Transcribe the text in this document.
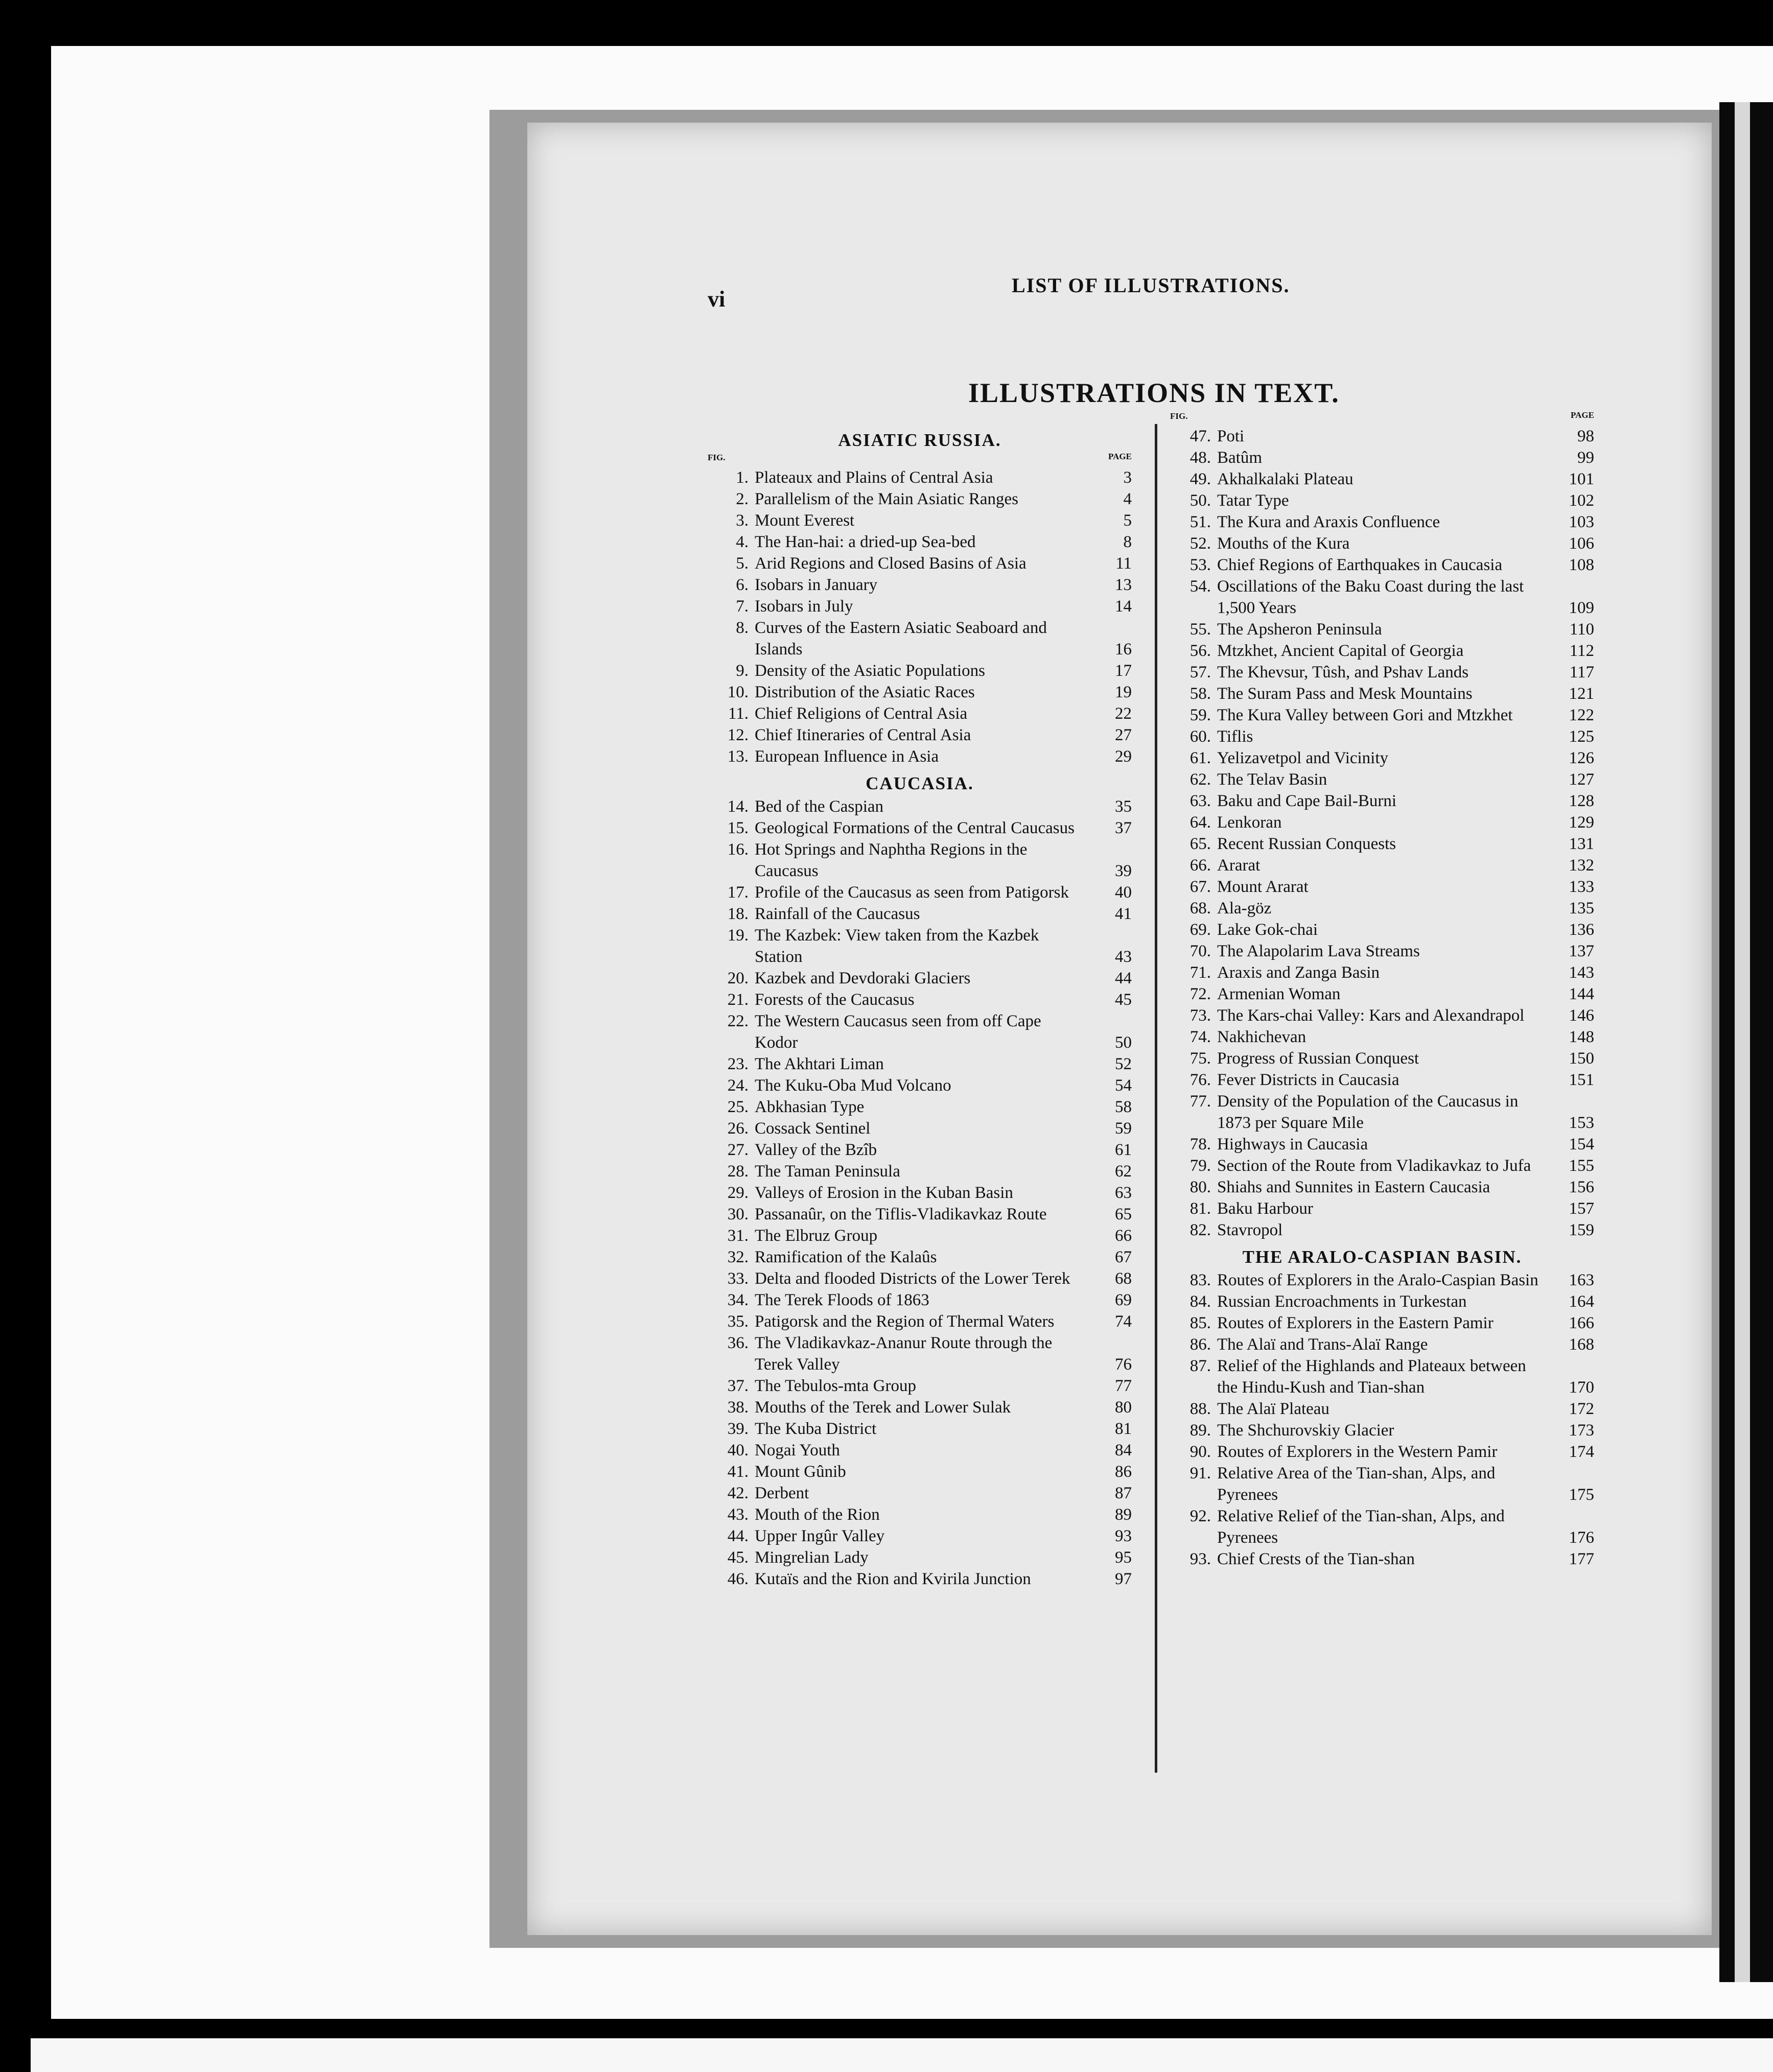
vi
LIST OF ILLUSTRATIONS.
ILLUSTRATIONS IN TEXT.
ASIATIC RUSSIA.
FIG.	PAGE
1. Plateaux and Plains of Central Asia	3
2. Parallelism of the Main Asiatic Ranges	4
3. Mount Everest	5
4. The Han-hai: a dried-up Sea-bed	8
5. Arid Regions and Closed Basins of Asia	11
6. Isobars in January	13
7. Isobars in July	14
8. Curves of the Eastern Asiatic Seaboard and Islands	16
9. Density of the Asiatic Populations	17
10. Distribution of the Asiatic Races	19
11. Chief Religions of Central Asia	22
12. Chief Itineraries of Central Asia	27
13. European Influence in Asia	29
CAUCASIA.
14. Bed of the Caspian	35
15. Geological Formations of the Central Caucasus	37
16. Hot Springs and Naphtha Regions in the Caucasus	39
17. Profile of the Caucasus as seen from Patigorsk	40
18. Rainfall of the Caucasus	41
19. The Kazbek: View taken from the Kazbek Station	43
20. Kazbek and Devdoraki Glaciers	44
21. Forests of the Caucasus	45
22. The Western Caucasus seen from off Cape Kodor	50
23. The Akhtari Liman	52
24. The Kuku-Oba Mud Volcano	54
25. Abkhasian Type	58
26. Cossack Sentinel	59
27. Valley of the Bzîb	61
28. The Taman Peninsula	62
29. Valleys of Erosion in the Kuban Basin	63
30. Passanaûr, on the Tiflis-Vladikavkaz Route	65
31. The Elbruz Group	66
32. Ramification of the Kalaûs	67
33. Delta and flooded Districts of the Lower Terek	68
34. The Terek Floods of 1863	69
35. Patigorsk and the Region of Thermal Waters	74
36. The Vladikavkaz-Ananur Route through the Terek Valley	76
37. The Tebulos-mta Group	77
38. Mouths of the Terek and Lower Sulak	80
39. The Kuba District	81
40. Nogai Youth	84
41. Mount Gûnib	86
42. Derbent	87
43. Mouth of the Rion	89
44. Upper Ingûr Valley	93
45. Mingrelian Lady	95
46. Kutaïs and the Rion and Kvirila Junction	97
FIG.	PAGE
47. Poti	98
48. Batûm	99
49. Akhalkalaki Plateau	101
50. Tatar Type	102
51. The Kura and Araxis Confluence	103
52. Mouths of the Kura	106
53. Chief Regions of Earthquakes in Caucasia	108
54. Oscillations of the Baku Coast during the last 1,500 Years	109
55. The Apsheron Peninsula	110
56. Mtzkhet, Ancient Capital of Georgia	112
57. The Khevsur, Tûsh, and Pshav Lands	117
58. The Suram Pass and Mesk Mountains	121
59. The Kura Valley between Gori and Mtzkhet	122
60. Tiflis	125
61. Yelizavetpol and Vicinity	126
62. The Telav Basin	127
63. Baku and Cape Bail-Burni	128
64. Lenkoran	129
65. Recent Russian Conquests	131
66. Ararat	132
67. Mount Ararat	133
68. Ala-göz	135
69. Lake Gok-chai	136
70. The Alapolarim Lava Streams	137
71. Araxis and Zanga Basin	143
72. Armenian Woman	144
73. The Kars-chai Valley: Kars and Alexandrapol	146
74. Nakhichevan	148
75. Progress of Russian Conquest	150
76. Fever Districts in Caucasia	151
77. Density of the Population of the Caucasus in 1873 per Square Mile	153
78. Highways in Caucasia	154
79. Section of the Route from Vladikavkaz to Jufa	155
80. Shiahs and Sunnites in Eastern Caucasia	156
81. Baku Harbour	157
82. Stavropol	159
THE ARALO-CASPIAN BASIN.
83. Routes of Explorers in the Aralo-Caspian Basin	163
84. Russian Encroachments in Turkestan	164
85. Routes of Explorers in the Eastern Pamir	166
86. The Alaï and Trans-Alaï Range	168
87. Relief of the Highlands and Plateaux between the Hindu-Kush and Tian-shan	170
88. The Alaï Plateau	172
89. The Shchurovskiy Glacier	173
90. Routes of Explorers in the Western Pamir	174
91. Relative Area of the Tian-shan, Alps, and Pyrenees	175
92. Relative Relief of the Tian-shan, Alps, and Pyrenees	176
93. Chief Crests of the Tian-shan	177
